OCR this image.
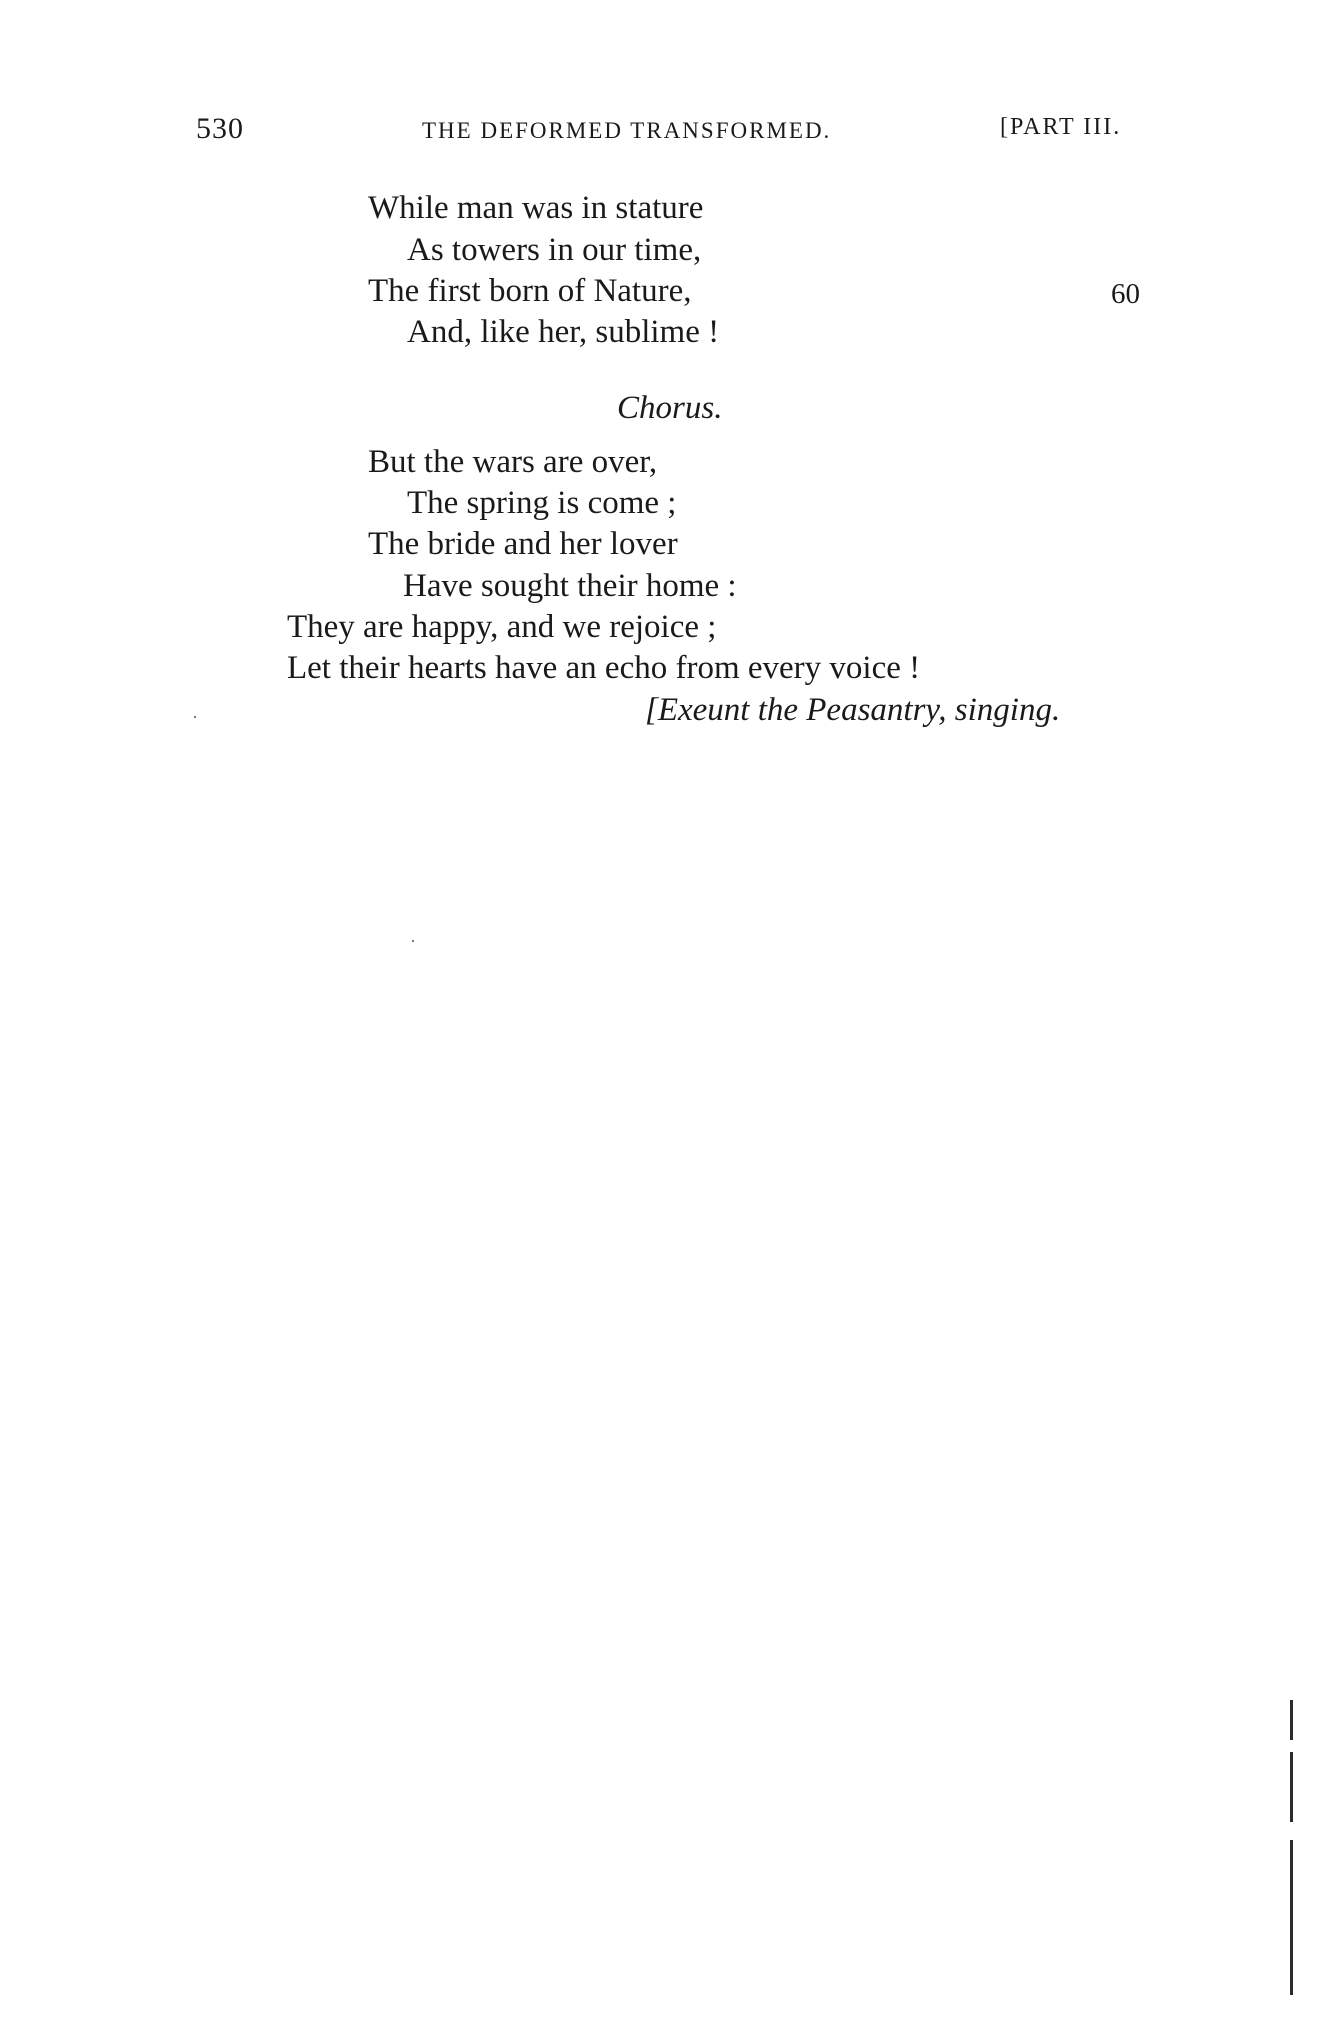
530	THE DEFORMED TRANSFORMED.	[PART III.
While man was in stature
As towers in our time,
The first born of Nature,
And, like her, sublime !
60
Chorus.
But the wars are over,
The spring is come ;
The bride and her lover
Have sought their home :
They are happy, and we rejoice ;
Let their hearts have an echo from every voice !
[Exeunt the Peasantry, singing.
